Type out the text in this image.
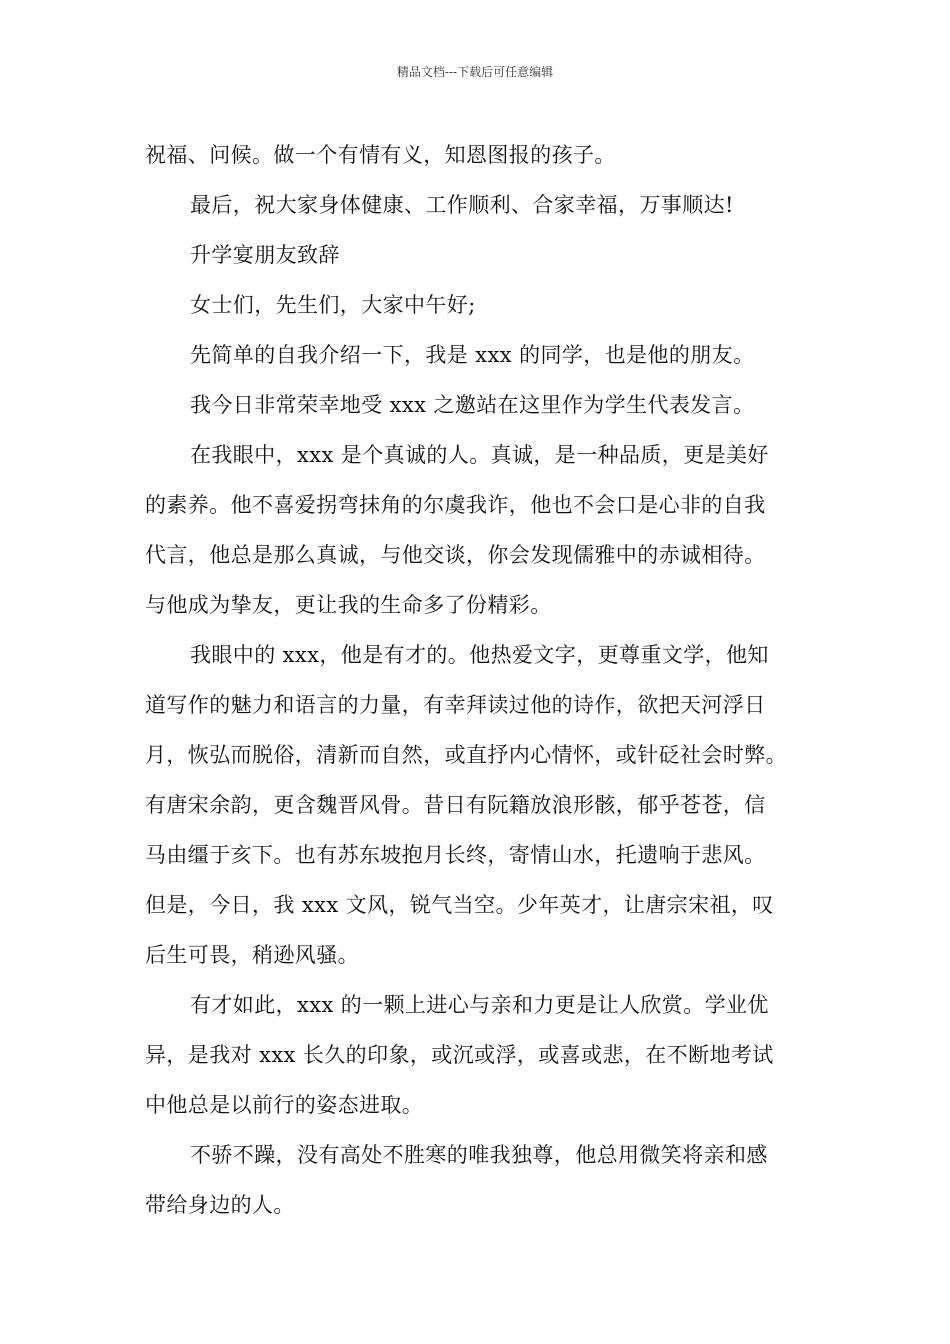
精品文档---下载后可任意编辑
祝福、问候。做一个有情有义，知恩图报的孩子。
最后，祝大家身体健康、工作顺利、合家幸福，万事顺达!
升学宴朋友致辞
女士们，先生们，大家中午好;
先简单的自我介绍一下，我是 xxx 的同学，也是他的朋友。
我今日非常荣幸地受 xxx 之邀站在这里作为学生代表发言。
在我眼中，xxx 是个真诚的人。真诚，是一种品质，更是美好
的素养。他不喜爱拐弯抹角的尔虞我诈，他也不会口是心非的自我
代言，他总是那么真诚，与他交谈，你会发现儒雅中的赤诚相待。
与他成为挚友，更让我的生命多了份精彩。
我眼中的 xxx，他是有才的。他热爱文字，更尊重文学，他知
道写作的魅力和语言的力量，有幸拜读过他的诗作，欲把天河浮日
月，恢弘而脱俗，清新而自然，或直抒内心情怀，或针砭社会时弊。
有唐宋余韵，更含魏晋风骨。昔日有阮籍放浪形骸，郁乎苍苍，信
马由缰于亥下。也有苏东坡抱月长终，寄情山水，托遗响于悲风。
但是，今日，我 xxx 文风，锐气当空。少年英才，让唐宗宋祖，叹
后生可畏，稍逊风骚。
有才如此，xxx 的一颗上进心与亲和力更是让人欣赏。学业优
异，是我对 xxx 长久的印象，或沉或浮，或喜或悲，在不断地考试
中他总是以前行的姿态进取。
不骄不躁，没有高处不胜寒的唯我独尊，他总用微笑将亲和感
带给身边的人。
